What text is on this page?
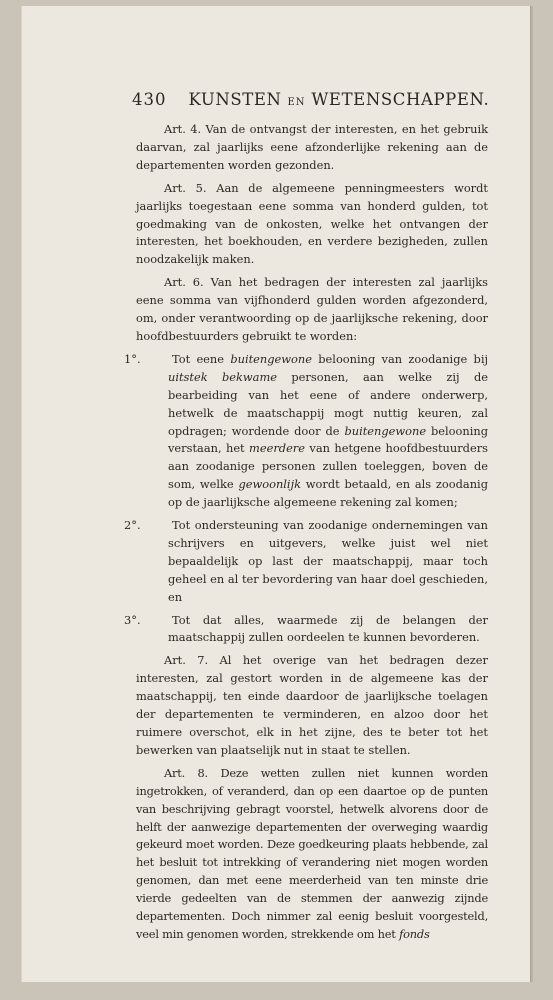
430 KUNSTEN EN WETENSCHAPPEN.

Art. 4. Van de ontvangst der interesten, en het gebruik daarvan, zal jaarlijks eene afzonderlijke rekening aan de departementen worden gezonden.

Art. 5. Aan de algemeene penningmeesters wordt jaarlijks toegestaan eene somma van honderd gulden, tot goedmaking van de onkosten, welke het ontvangen der interesten, het boekhouden, en verdere bezigheden, zullen noodzakelijk maken.

Art. 6. Van het bedragen der interesten zal jaarlijks eene somma van vijfhonderd gulden worden afgezonderd, om, onder verantwoording op de jaarlijksche rekening, door hoofdbestuurders gebruikt te worden:

1°.	Tot eene buitengewone belooning van zoodanige bij uitstek bekwame personen, aan welke zij de bearbeiding van het eene of andere onderwerp, hetwelk de maatschappij mogt nuttig keuren, zal opdragen; wordende door de buitengewone belooning verstaan, het meerdere van hetgene hoofdbestuurders aan zoodanige personen zullen toeleggen, boven de som, welke gewoonlijk wordt betaald, en als zoodanig op de jaarlijksche algemeene rekening zal komen;

2°.	Tot ondersteuning van zoodanige ondernemingen van schrijvers en uitgevers, welke juist wel niet bepaaldelijk op last der maatschappij, maar toch geheel en al ter bevordering van haar doel geschieden, en

3°.	Tot dat alles, waarmede zij de belangen der maatschappij zullen oordeelen te kunnen bevorderen.

Art. 7. Al het overige van het bedragen dezer interesten, zal gestort worden in de algemeene kas der maatschappij, ten einde daardoor de jaarlijksche toelagen der departementen te verminderen, en alzoo door het ruimere overschot, elk in het zijne, des te beter tot het bewerken van plaatselijk nut in staat te stellen.

Art. 8. Deze wetten zullen niet kunnen worden ingetrokken, of veranderd, dan op een daartoe op de punten van beschrijving gebragt voorstel, hetwelk alvorens door de helft der aanwezige departementen der overweging waardig gekeurd moet worden. Deze goedkeuring plaats hebbende, zal het besluit tot intrekking of verandering niet mogen worden genomen, dan met eene meerderheid van ten minste drie vierde gedeelten van de stemmen der aanwezig zijnde departementen. Doch nimmer zal eenig besluit voorgesteld, veel min genomen worden, strekkende om het fonds
